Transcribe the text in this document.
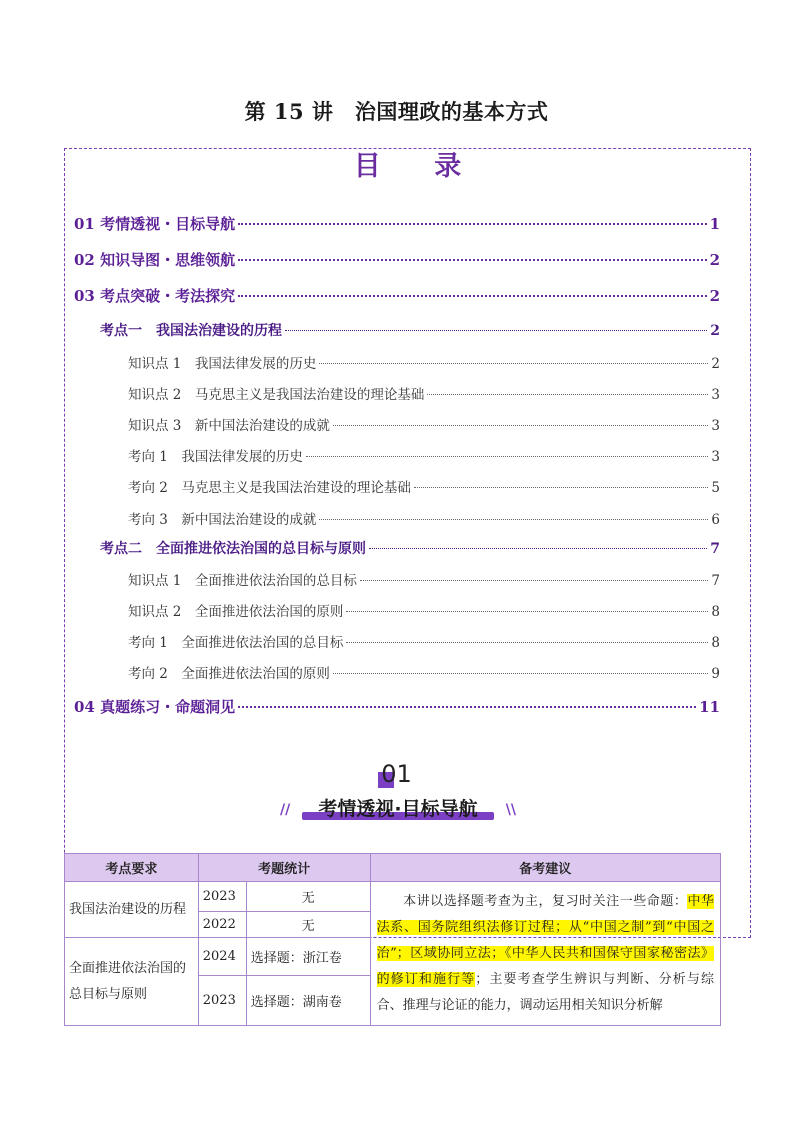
第 15 讲　治国理政的基本方式
目 录
01 考情透视・目标导航	1
02 知识导图・思维领航	2
03 考点突破・考法探究	2
考点一　我国法治建设的历程	2
知识点 1　我国法律发展的历史	2
知识点 2　马克思主义是我国法治建设的理论基础	3
知识点 3　新中国法治建设的成就	3
考向 1　我国法律发展的历史	3
考向 2　马克思主义是我国法治建设的理论基础	5
考向 3　新中国法治建设的成就	6
考点二　全面推进依法治国的总目标与原则	7
知识点 1　全面推进依法治国的总目标	7
知识点 2　全面推进依法治国的原则	8
考向 1　全面推进依法治国的总目标	8
考向 2　全面推进依法治国的原则	9
04 真题练习・命题洞见	11
01
//	考情透视·目标导航	\\
考点要求	考题统计		备考建议
我国法治建设的历程	2023	无	本讲以选择题考查为主，复习时关注一些命题：中华法系、国务院组织法修订过程；从“中国之制”到“中国之治”；区域协同立法；《中华人民共和国保守国家秘密法》的修订和施行等；主要考查学生辨识与判断、分析与综合、推理与论证的能力，调动运用相关知识分析解
	2022	无	
全面推进依法治国的总目标与原则	2024	选择题：浙江卷	
	2023	选择题：湖南卷	
